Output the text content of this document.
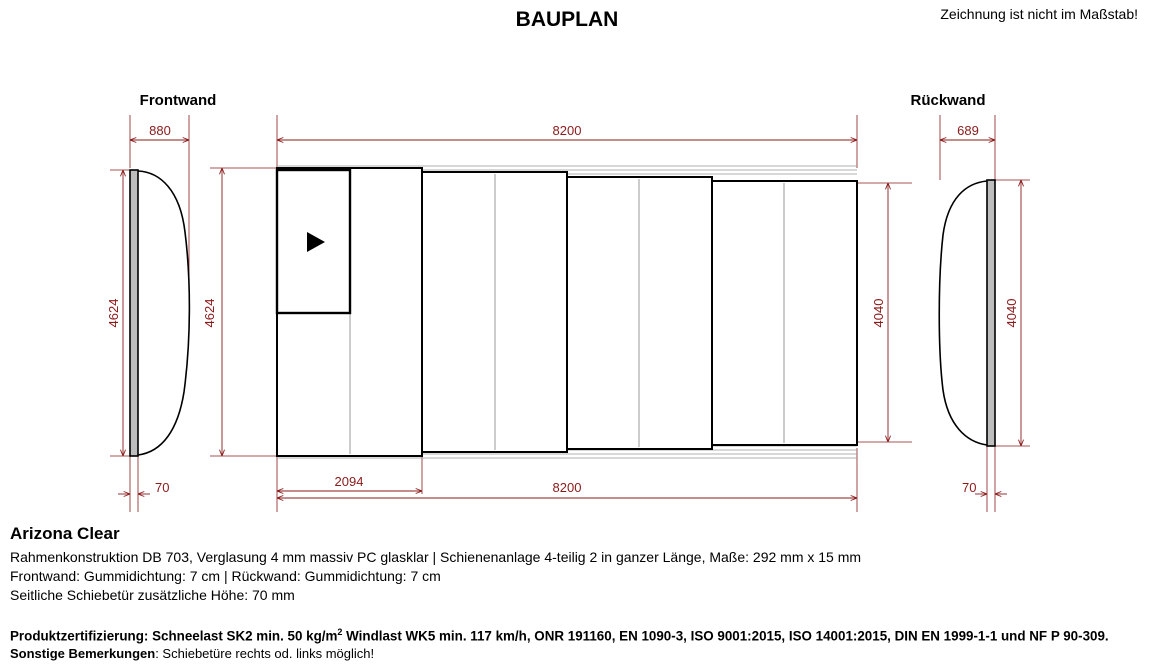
BAUPLAN	Zeichnung ist nicht im Maßstab!
Frontwand	Rückwand
880	8200	689
2094	8200
70	70
4624	4624	4040	4040
Arizona Clear
Rahmenkonstruktion DB 703, Verglasung 4 mm massiv PC glasklar | Schienenanlage 4-teilig 2 in ganzer Länge, Maße: 292 mm x 15 mm
Frontwand: Gummidichtung: 7 cm | Rückwand: Gummidichtung: 7 cm
Seitliche Schiebetür zusätzliche Höhe: 70 mm
Produktzertifizierung: Schneelast SK2 min. 50 $kg/m^2$ Windlast WK5 min. 117 km/h, ONR 191160, EN 1090-3, ISO 9001:2015, ISO 14001:2015, DIN EN 1999-1-1 und NF P 90-309.
Sonstige Bemerkungen: Schiebetüre rechts od. links möglich!
